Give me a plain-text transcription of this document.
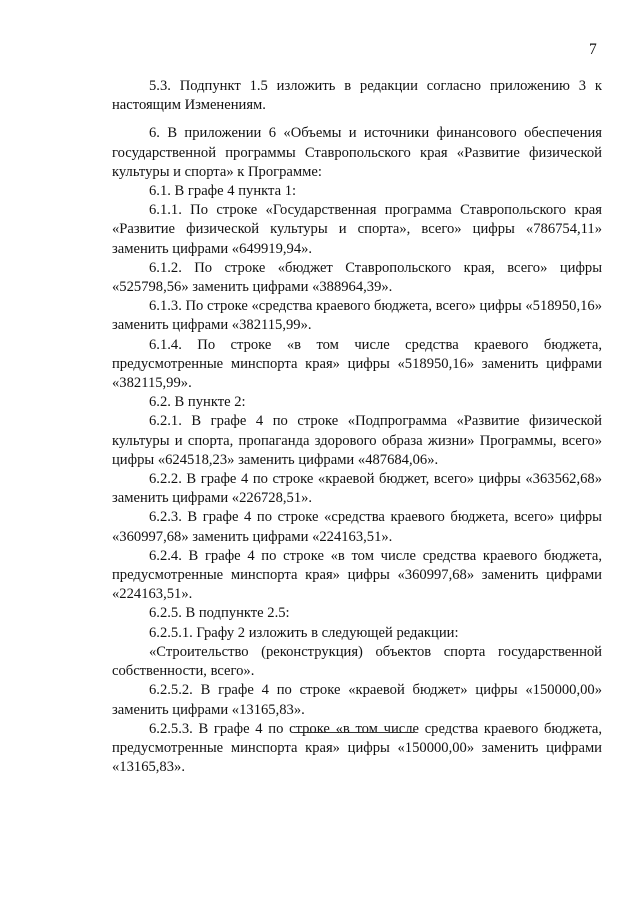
7

5.3. Подпункт 1.5 изложить в редакции согласно приложению 3 к настоящим Изменениям.

6. В приложении 6 «Объемы и источники финансового обеспечения государственной программы Ставропольского края «Развитие физической культуры и спорта» к Программе:

6.1. В графе 4 пункта 1:

6.1.1. По строке «Государственная программа Ставропольского края «Развитие физической культуры и спорта», всего» цифры «786754,11» заменить цифрами «649919,94».

6.1.2. По строке «бюджет Ставропольского края, всего» цифры «525798,56» заменить цифрами «388964,39».

6.1.3. По строке «средства краевого бюджета, всего» цифры «518950,16» заменить цифрами «382115,99».

6.1.4. По строке «в том числе средства краевого бюджета, предусмотренные минспорта края» цифры «518950,16» заменить цифрами «382115,99».

6.2. В пункте 2:

6.2.1. В графе 4 по строке «Подпрограмма «Развитие физической культуры и спорта, пропаганда здорового образа жизни» Программы, всего» цифры «624518,23» заменить цифрами «487684,06».

6.2.2. В графе 4 по строке «краевой бюджет, всего» цифры «363562,68» заменить цифрами «226728,51».

6.2.3. В графе 4 по строке «средства краевого бюджета, всего» цифры «360997,68» заменить цифрами «224163,51».

6.2.4. В графе 4 по строке «в том числе средства краевого бюджета, предусмотренные минспорта края» цифры «360997,68» заменить цифрами «224163,51».

6.2.5. В подпункте 2.5:

6.2.5.1. Графу 2 изложить в следующей редакции:

«Строительство (реконструкция) объектов спорта государственной собственности, всего».

6.2.5.2. В графе 4 по строке «краевой бюджет» цифры «150000,00» заменить цифрами «13165,83».

6.2.5.3. В графе 4 по строке «в том числе средства краевого бюджета, предусмотренные минспорта края» цифры «150000,00» заменить цифрами «13165,83».
